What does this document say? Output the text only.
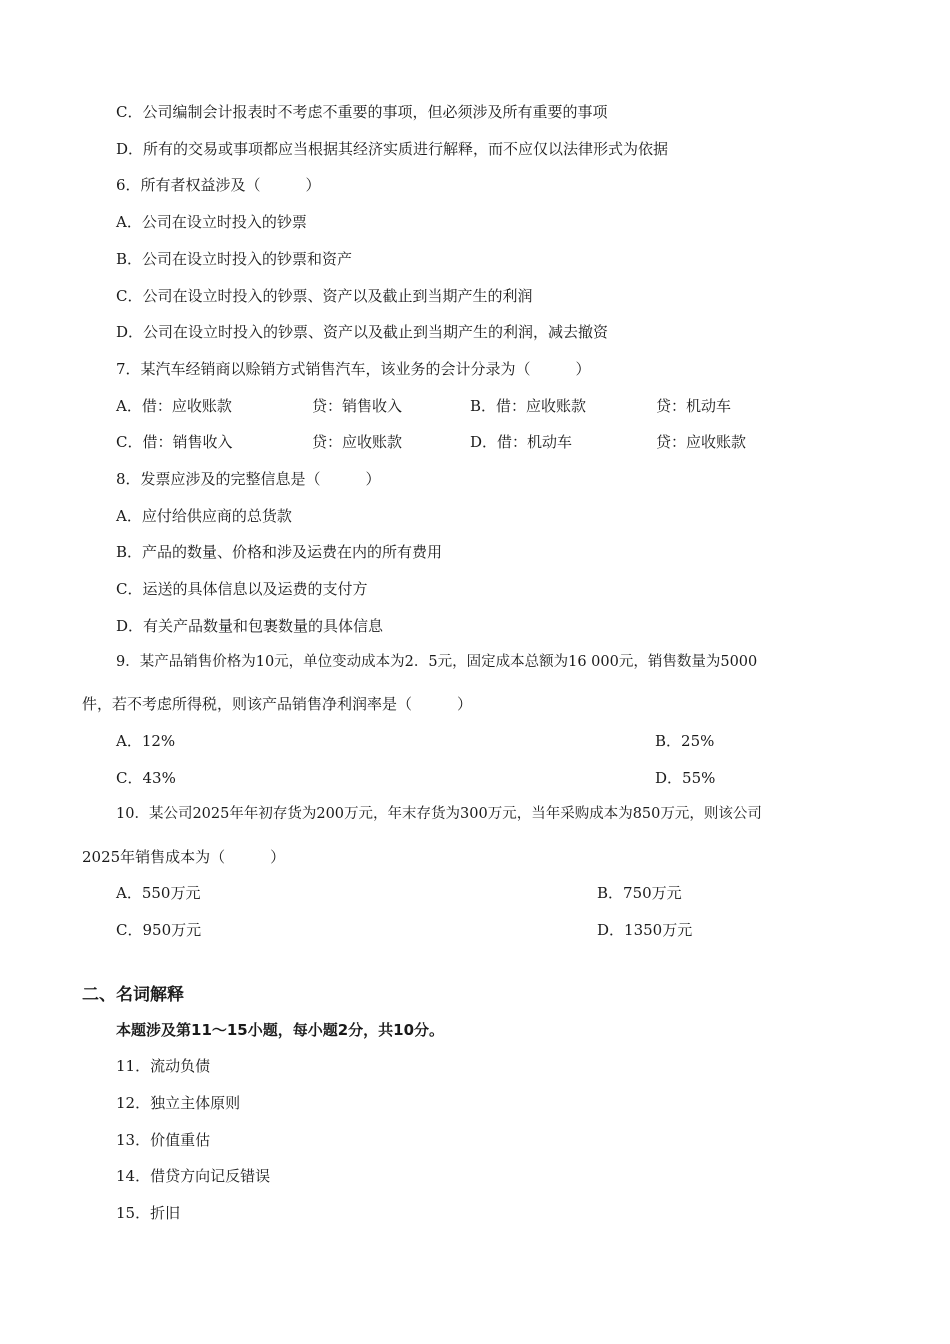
C．公司编制会计报表时不考虑不重要的事项，但必须涉及所有重要的事项
D．所有的交易或事项都应当根据其经济实质进行解释，而不应仅以法律形式为依据
6．所有者权益涉及（　　　）
A．公司在设立时投入的钞票
B．公司在设立时投入的钞票和资产
C．公司在设立时投入的钞票、资产以及截止到当期产生的利润
D．公司在设立时投入的钞票、资产以及截止到当期产生的利润，减去撤资
7．某汽车经销商以赊销方式销售汽车，该业务的会计分录为（　　　）
A．借：应收账款	贷：销售收入	B．借：应收账款	贷：机动车
C．借：销售收入	贷：应收账款	D．借：机动车	贷：应收账款
8．发票应涉及的完整信息是（　　　）
A．应付给供应商的总货款
B．产品的数量、价格和涉及运费在内的所有费用
C．运送的具体信息以及运费的支付方
D．有关产品数量和包裹数量的具体信息
9．某产品销售价格为10元，单位变动成本为2．5元，固定成本总额为16 000元，销售数量为5000
件，若不考虑所得税，则该产品销售净利润率是（　　　）
A．12%	B．25%
C．43%	D．55%
10．某公司2025年年初存货为200万元，年末存货为300万元，当年采购成本为850万元，则该公司
2025年销售成本为（　　　）
A．550万元	B．750万元
C．950万元	D．1350万元
二、名词解释
本题涉及第11～15小题，每小题2分，共10分。
11．流动负债
12．独立主体原则
13．价值重估
14．借贷方向记反错误
15．折旧
